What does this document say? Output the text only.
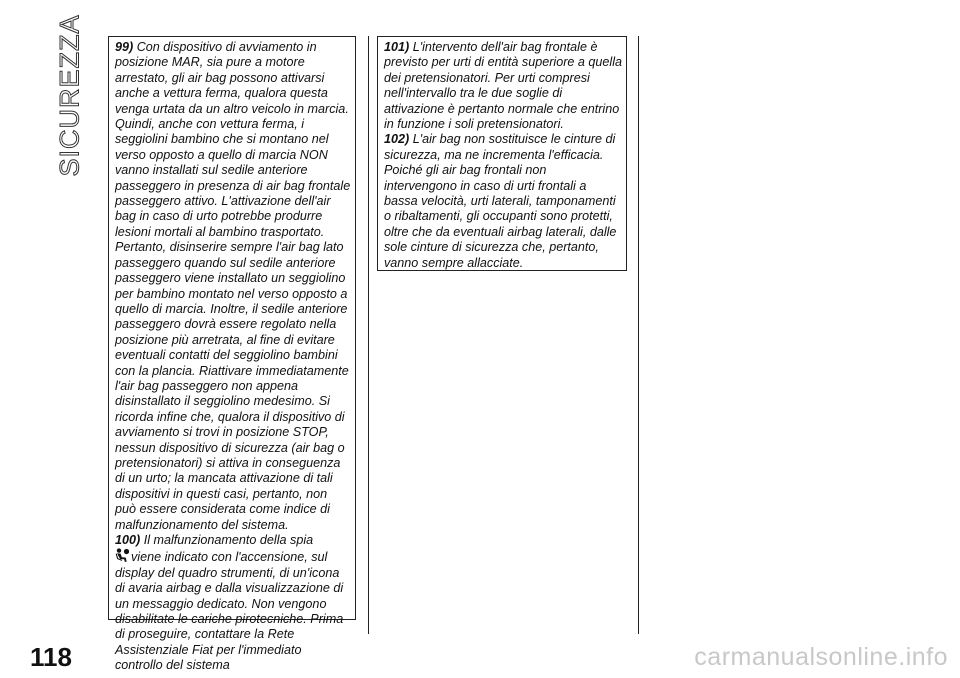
SICUREZZA 99) Con dispositivo di avviamento in posizione MAR, sia pure a motore arrestato, gli air bag possono attivarsi anche a vettura ferma, qualora questa venga urtata da un altro veicolo in marcia. Quindi, anche con vettura ferma, i seggiolini bambino che si montano nel verso opposto a quello di marcia NON vanno installati sul sedile anteriore passeggero in presenza di air bag frontale passeggero attivo. L'attivazione dell'air bag in caso di urto potrebbe produrre lesioni mortali al bambino trasportato. Pertanto, disinserire sempre l'air bag lato passeggero quando sul sedile anteriore passeggero viene installato un seggiolino per bambino montato nel verso opposto a quello di marcia. Inoltre, il sedile anteriore passeggero dovrà essere regolato nella posizione più arretrata, al fine di evitare eventuali contatti del seggiolino bambini con la plancia. Riattivare immediatamente l'air bag passeggero non appena disinstallato il seggiolino medesimo. Si ricorda infine che, qualora il dispositivo di avviamento si trovi in posizione STOP, nessun dispositivo di sicurezza (air bag o pretensionatori) si attiva in conseguenza di un urto; la mancata attivazione di tali dispositivi in questi casi, pertanto, non può essere considerata come indice di malfunzionamento del sistema.

100) Il malfunzionamento della spia
viene indicato con l'accensione, sul display del quadro strumenti, di un'icona di avaria airbag e dalla visualizzazione di un messaggio dedicato. Non vengono disabilitate le cariche pirotecniche. Prima di proseguire, contattare la Rete Assistenziale Fiat per l'immediato controllo del sistema

101) L'intervento dell'air bag frontale è previsto per urti di entità superiore a quella dei pretensionatori. Per urti compresi nell'intervallo tra le due soglie di attivazione è pertanto normale che entrino in funzione i soli pretensionatori.

102) L'air bag non sostituisce le cinture di sicurezza, ma ne incrementa l'efficacia. Poiché gli air bag frontali non intervengono in caso di urti frontali a bassa velocità, urti laterali, tamponamenti o ribaltamenti, gli occupanti sono protetti, oltre che da eventuali airbag laterali, dalle sole cinture di sicurezza che, pertanto, vanno sempre allacciate.

118	carmanualsonline.info
